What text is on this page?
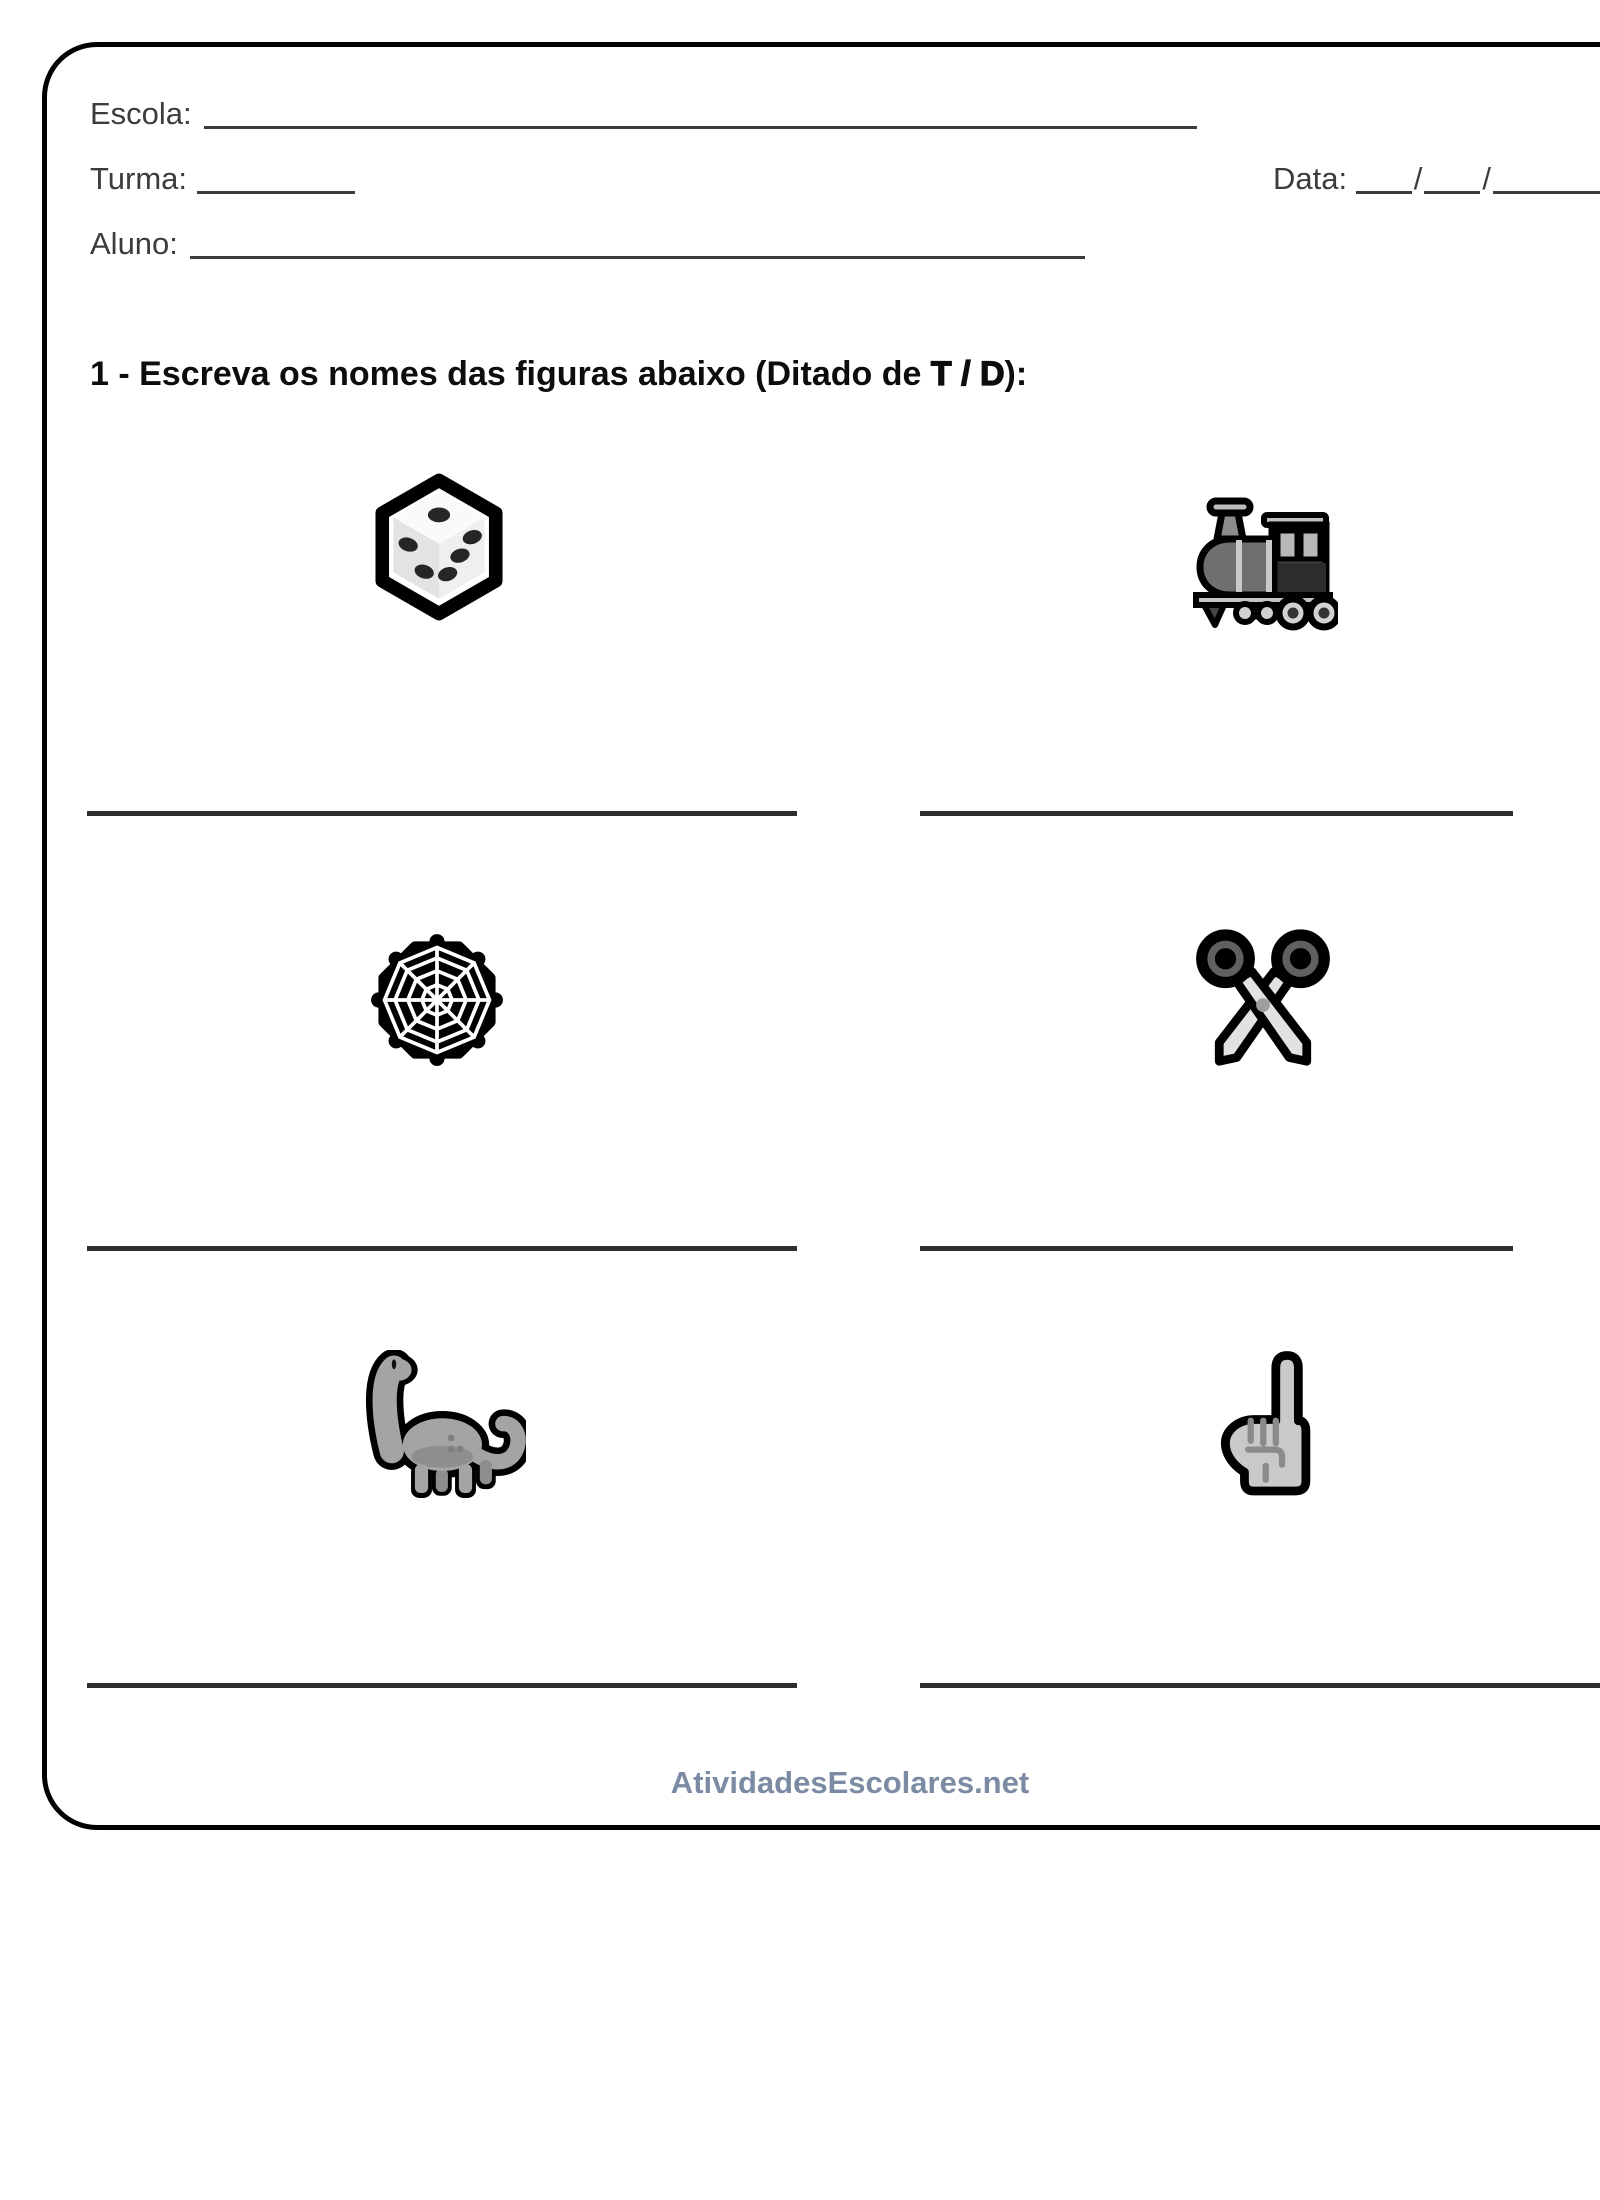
Escola:
Turma:	Data: / /
Aluno:
1 - Escreva os nomes das figuras abaixo (Ditado de T / D):
AtividadesEscolares.net
